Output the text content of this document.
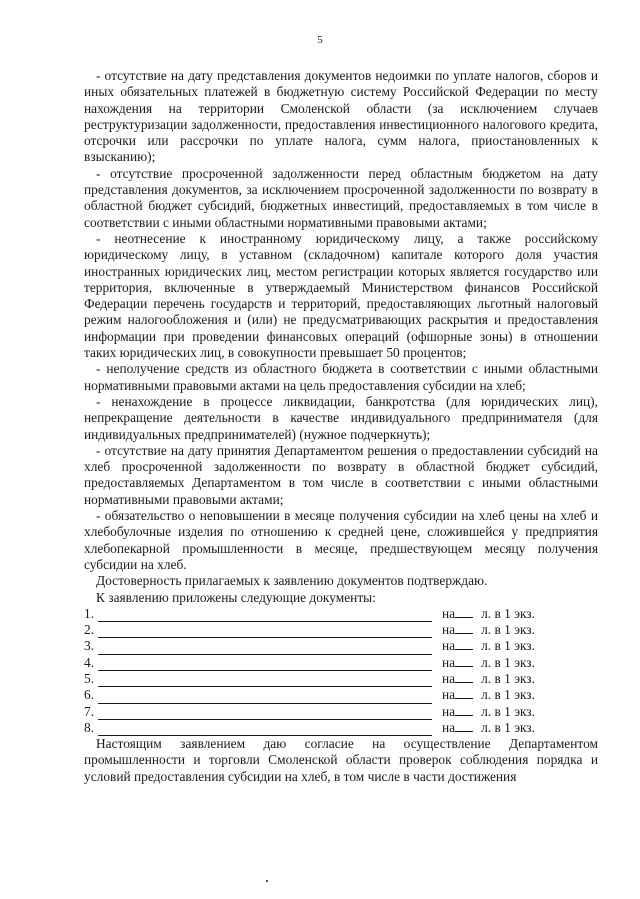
5

- отсутствие на дату представления документов недоимки по уплате налогов, сборов и иных обязательных платежей в бюджетную систему Российской Федерации по месту нахождения на территории Смоленской области (за исключением случаев реструктуризации задолженности, предоставления инвестиционного налогового кредита, отсрочки или рассрочки по уплате налога, сумм налога, приостановленных к взысканию);

- отсутствие просроченной задолженности перед областным бюджетом на дату представления документов, за исключением просроченной задолженности по возврату в областной бюджет субсидий, бюджетных инвестиций, предоставляемых в том числе в соответствии с иными областными нормативными правовыми актами;

- неотнесение к иностранному юридическому лицу, а также российскому юридическому лицу, в уставном (складочном) капитале которого доля участия иностранных юридических лиц, местом регистрации которых является государство или территория, включенные в утверждаемый Министерством финансов Российской Федерации перечень государств и территорий, предоставляющих льготный налоговый режим налогообложения и (или) не предусматривающих раскрытия и предоставления информации при проведении финансовых операций (офшорные зоны) в отношении таких юридических лиц, в совокупности превышает 50 процентов;

- неполучение средств из областного бюджета в соответствии с иными областными нормативными правовыми актами на цель предоставления субсидии на хлеб;

- ненахождение в процессе ликвидации, банкротства (для юридических лиц), непрекращение деятельности в качестве индивидуального предпринимателя (для индивидуальных предпринимателей) (нужное подчеркнуть);

- отсутствие на дату принятия Департаментом решения о предоставлении субсидий на хлеб просроченной задолженности по возврату в областной бюджет субсидий, предоставляемых Департаментом в том числе в соответствии с иными областными нормативными правовыми актами;

- обязательство о неповышении в месяце получения субсидии на хлеб цены на хлеб и хлебобулочные изделия по отношению к средней цене, сложившейся у предприятия хлебопекарной промышленности в месяце, предшествующем месяцу получения субсидии на хлеб.

Достоверность прилагаемых к заявлению документов подтверждаю.

К заявлению приложены следующие документы:

1.	на	л. в 1 экз.
2.	на	л. в 1 экз.
3.	на	л. в 1 экз.
4.	на	л. в 1 экз.
5.	на	л. в 1 экз.
6.	на	л. в 1 экз.
7.	на	л. в 1 экз.
8.	на	л. в 1 экз.

Настоящим заявлением даю согласие на осуществление Департаментом промышленности и торговли Смоленской области проверок соблюдения порядка и условий предоставления субсидии на хлеб, в том числе в части достижения
